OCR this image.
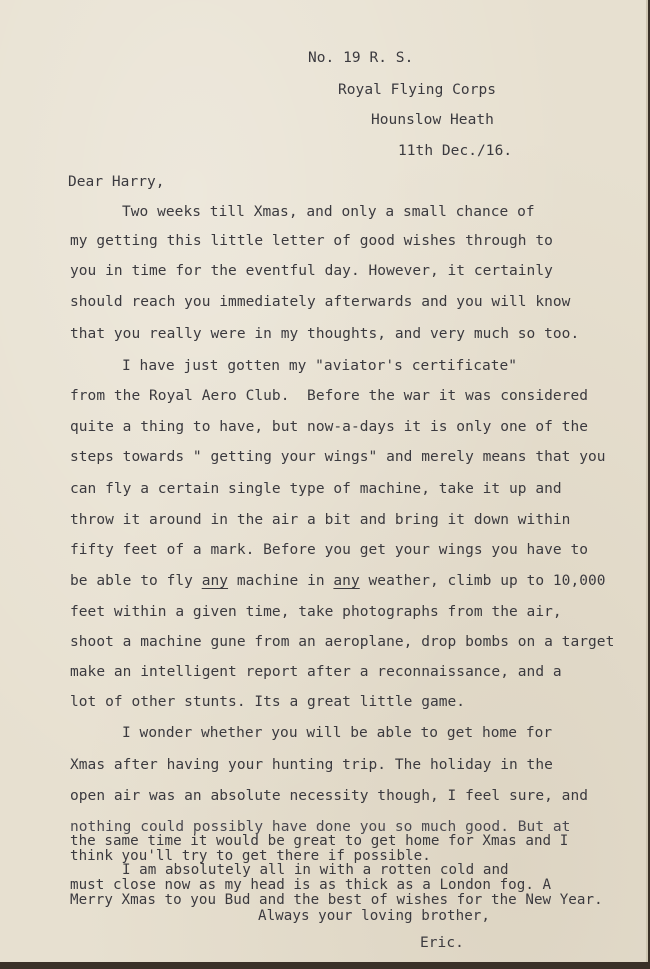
No. 19 R. S.
Royal Flying Corps
Hounslow Heath
11th Dec./16.
Dear Harry,
Two weeks till Xmas, and only a small chance of
my getting this little letter of good wishes through to
you in time for the eventful day. However, it certainly
should reach you immediately afterwards and you will know
that you really were in my thoughts, and very much so too.
I have just gotten my "aviator's certificate"
from the Royal Aero Club.  Before the war it was considered
quite a thing to have, but now-a-days it is only one of the
steps towards " getting your wings" and merely means that you
can fly a certain single type of machine, take it up and
throw it around in the air a bit and bring it down within
fifty feet of a mark. Before you get your wings you have to
be able to fly any machine in any weather, climb up to 10,000
feet within a given time, take photographs from the air,
shoot a machine gune from an aeroplane, drop bombs on a target
make an intelligent report after a reconnaissance, and a
lot of other stunts. Its a great little game.
I wonder whether you will be able to get home for
Xmas after having your hunting trip. The holiday in the
open air was an absolute necessity though, I feel sure, and
nothing could possibly have done you so much good. But at
the same time it would be great to get home for Xmas and I
think you'll try to get there if possible.
I am absolutely all in with a rotten cold and
must close now as my head is as thick as a London fog. A
Merry Xmas to you Bud and the best of wishes for the New Year.
Always your loving brother,
Eric.
